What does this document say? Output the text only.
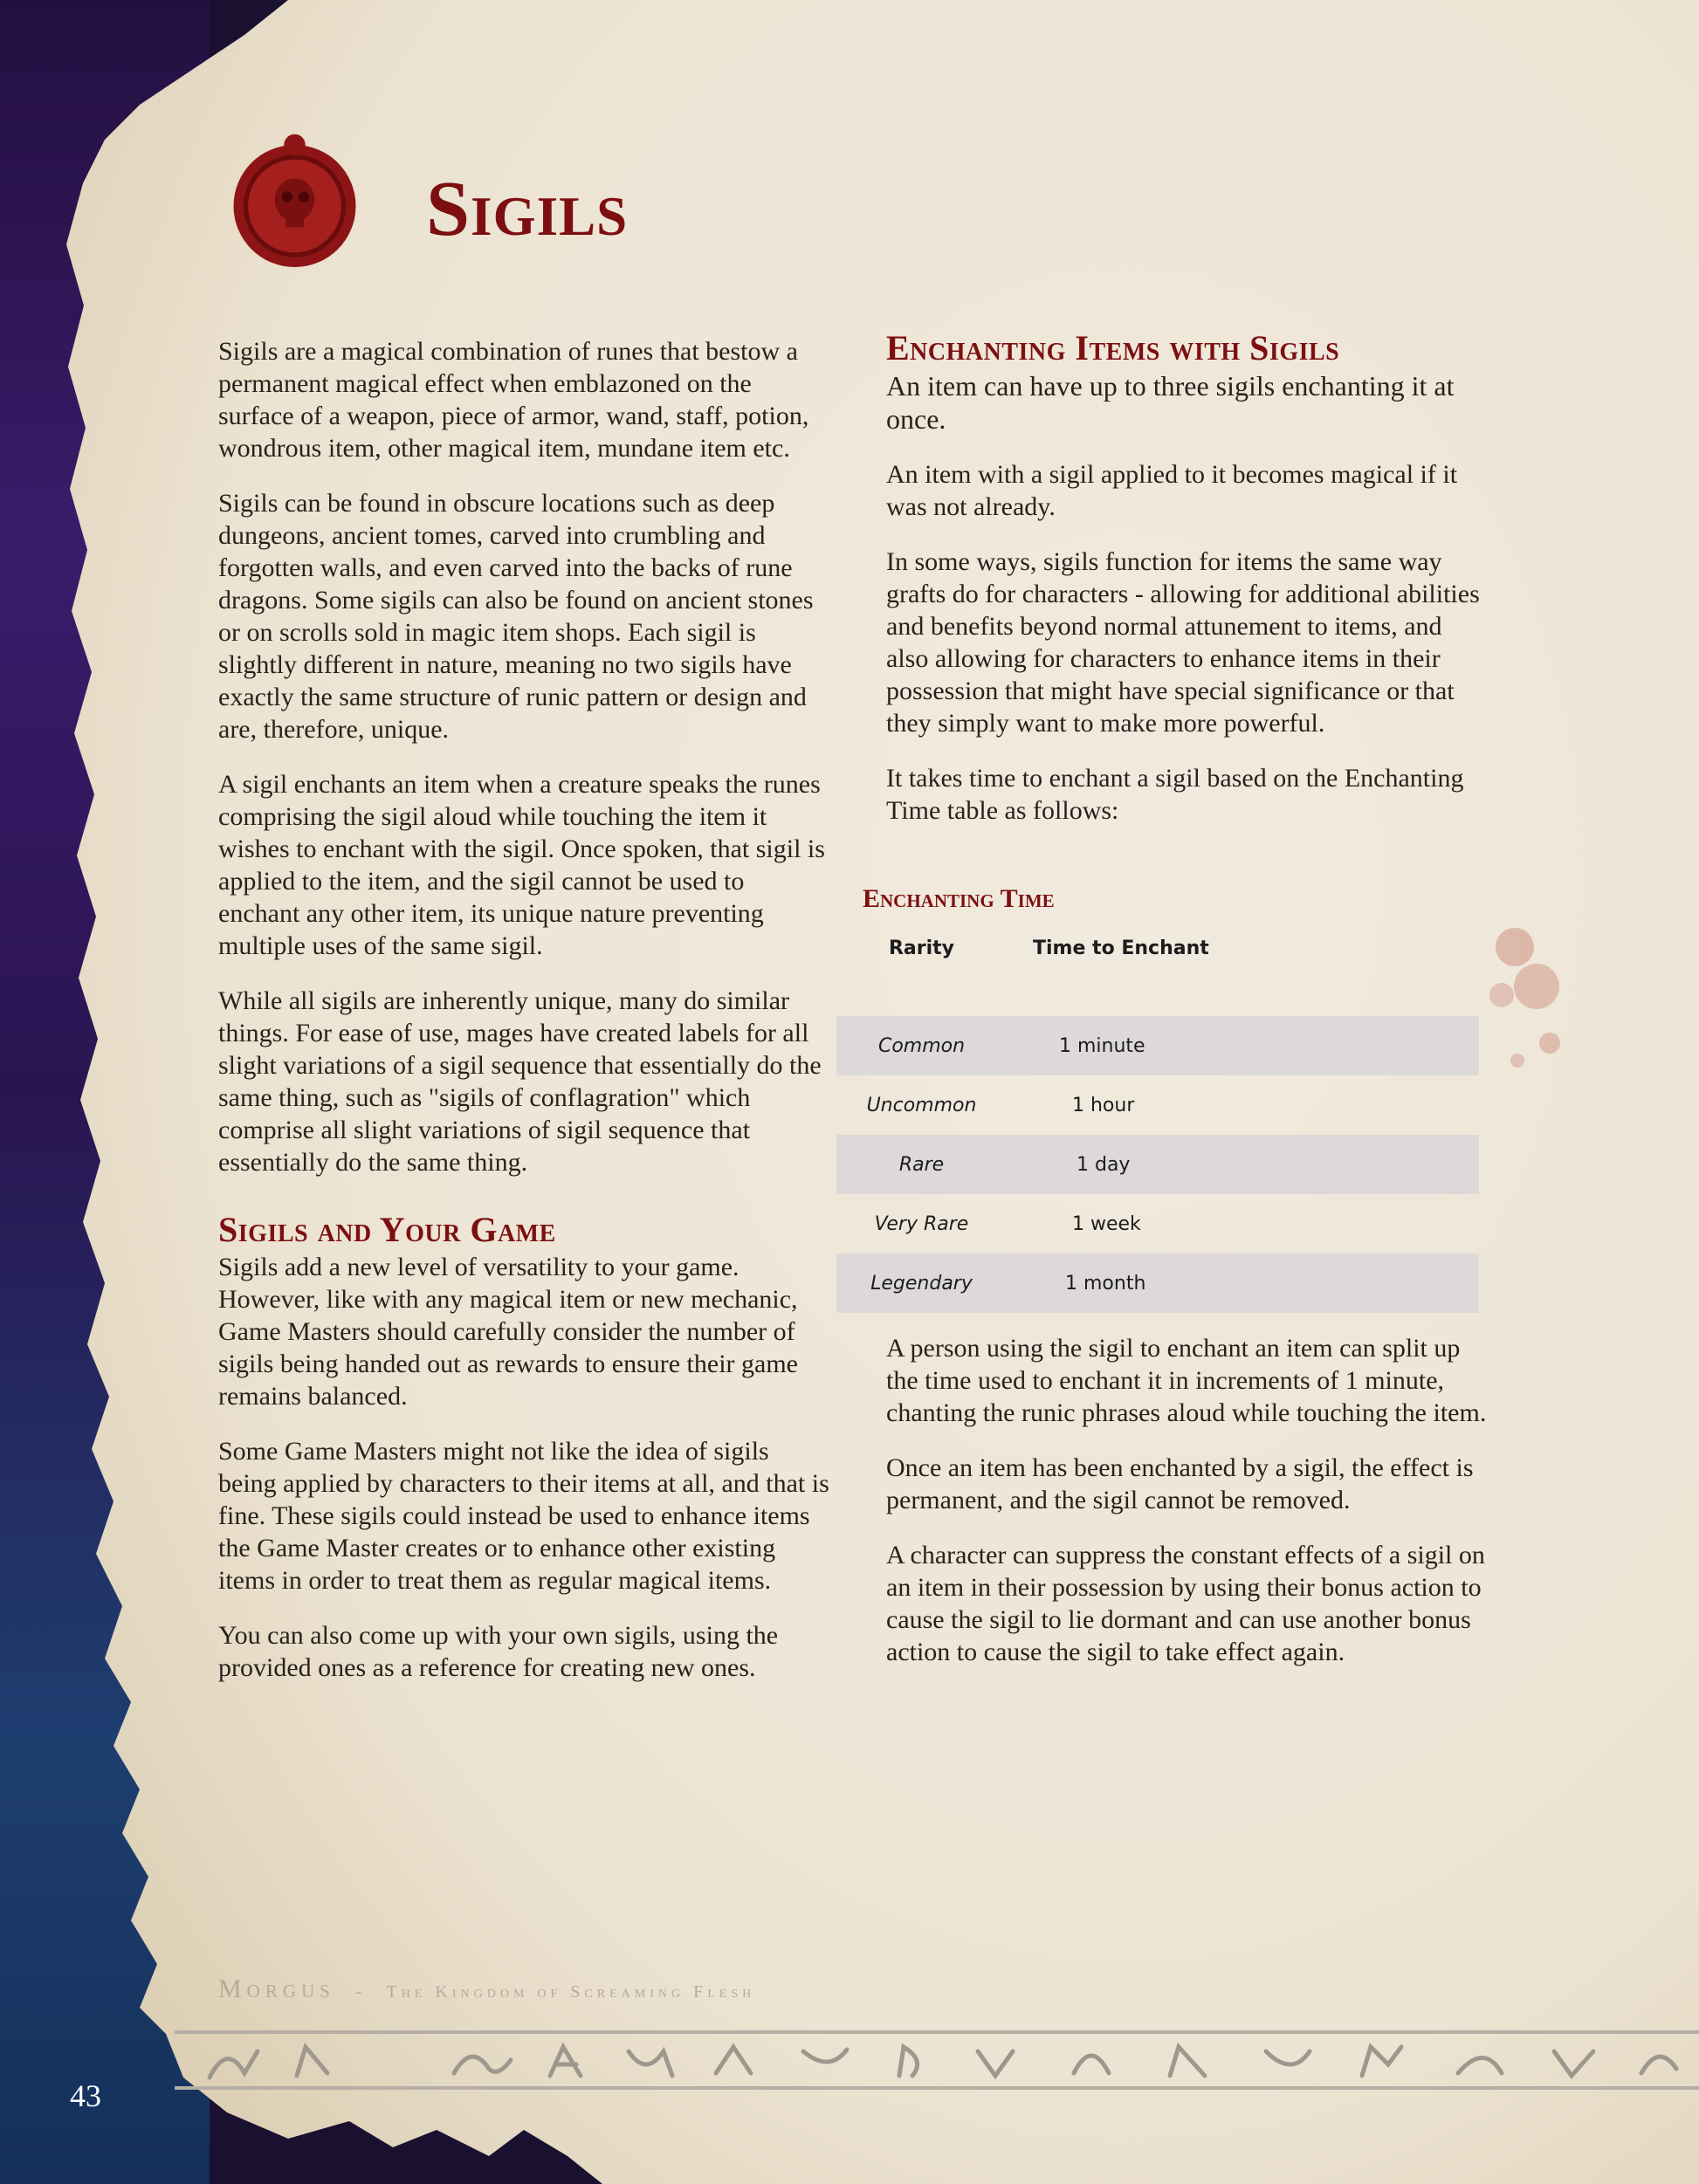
Sigils

Sigils are a magical combination of runes that bestow a permanent magical effect when emblazoned on the surface of a weapon, piece of armor, wand, staff, potion, wondrous item, other magical item, mundane item etc.

Sigils can be found in obscure locations such as deep dungeons, ancient tomes, carved into crumbling and forgotten walls, and even carved into the backs of rune dragons. Some sigils can also be found on ancient stones or on scrolls sold in magic item shops. Each sigil is slightly different in nature, meaning no two sigils have exactly the same structure of runic pattern or design and are, therefore, unique.

A sigil enchants an item when a creature speaks the runes comprising the sigil aloud while touching the item it wishes to enchant with the sigil. Once spoken, that sigil is applied to the item, and the sigil cannot be used to enchant any other item, its unique nature preventing multiple uses of the same sigil.

While all sigils are inherently unique, many do similar things. For ease of use, mages have created labels for all slight variations of a sigil sequence that essentially do the same thing, such as "sigils of conflagration" which comprise all slight variations of sigil sequence that essentially do the same thing.

Sigils and Your Game

Sigils add a new level of versatility to your game. However, like with any magical item or new mechanic, Game Masters should carefully consider the number of sigils being handed out as rewards to ensure their game remains balanced.

Some Game Masters might not like the idea of sigils being applied by characters to their items at all, and that is fine. These sigils could instead be used to enhance items the Game Master creates or to enhance other existing items in order to treat them as regular magical items.

You can also come up with your own sigils, using the provided ones as a reference for creating new ones.

Enchanting Items with Sigils

An item can have up to three sigils enchanting it at once.

An item with a sigil applied to it becomes magical if it was not already.

In some ways, sigils function for items the same way grafts do for characters - allowing for additional abilities and benefits beyond normal attunement to items, and also allowing for characters to enhance items in their possession that might have special significance or that they simply want to make more powerful.

It takes time to enchant a sigil based on the Enchanting Time table as follows:

Enchanting Time
Rarity	Time to Enchant

Common	1 minute
Uncommon	1 hour
Rare	1 day
Very Rare	1 week
Legendary	1 month

A person using the sigil to enchant an item can split up the time used to enchant it in increments of 1 minute, chanting the runic phrases aloud while touching the item.

Once an item has been enchanted by a sigil, the effect is permanent, and the sigil cannot be removed.

A character can suppress the constant effects of a sigil on an item in their possession by using their bonus action to cause the sigil to lie dormant and can use another bonus action to cause the sigil to take effect again.

Morgus - The Kingdom of Screaming Flesh
43
